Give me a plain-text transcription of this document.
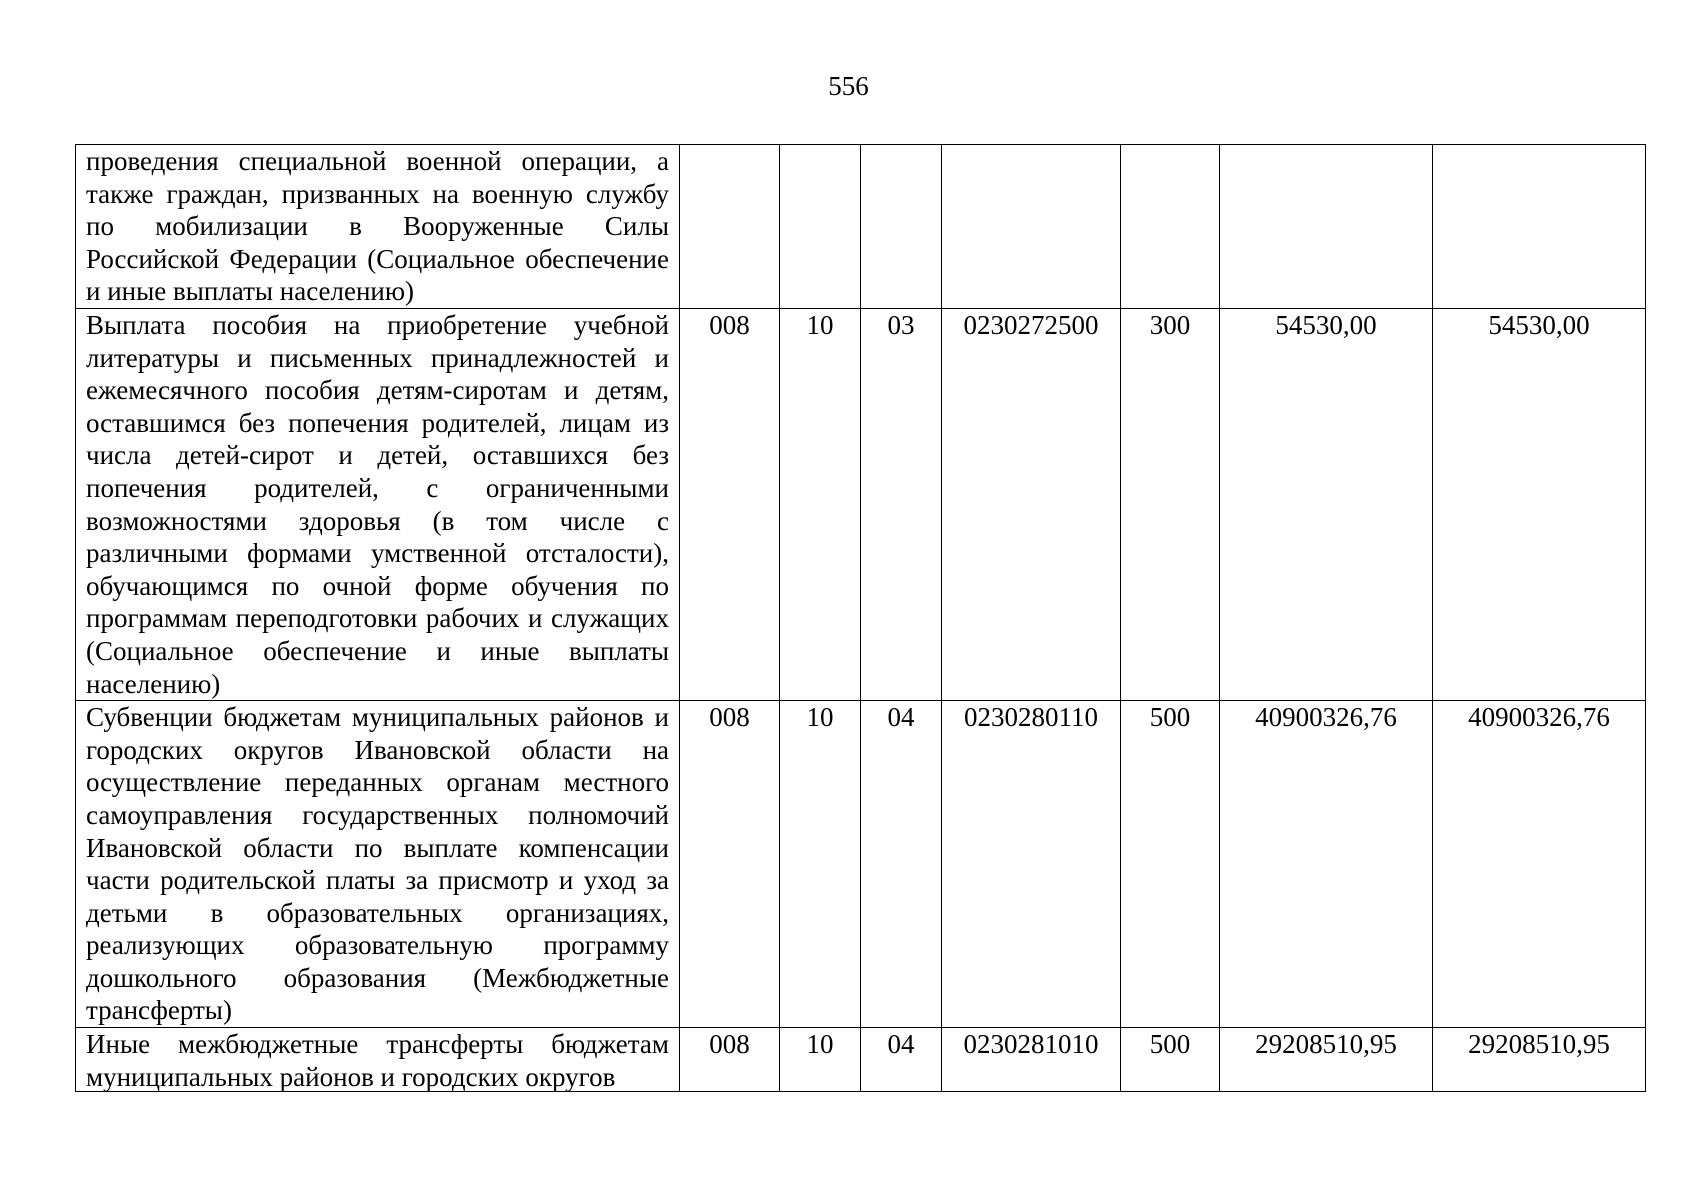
556
проведения специальной военной операции, а также граждан, призванных на военную службу по мобилизации в Вооруженные Силы Российской Федерации (Социальное обеспечение и иные выплаты населению)							
Выплата пособия на приобретение учебной литературы и письменных принадлежностей и ежемесячного пособия детям-сиротам и детям, оставшимся без попечения родителей, лицам из числа детей-сирот и детей, оставшихся без попечения родителей, с ограниченными возможностями здоровья (в том числе с различными формами умственной отсталости), обучающимся по очной форме обучения по программам переподготовки рабочих и служащих (Социальное обеспечение и иные выплаты населению)	008	10	03	0230272500	300	54530,00	54530,00
Субвенции бюджетам муниципальных районов и городских округов Ивановской области на осуществление переданных органам местного самоуправления государственных полномочий Ивановской области по выплате компенсации части родительской платы за присмотр и уход за детьми в образовательных организациях, реализующих образовательную программу дошкольного образования (Межбюджетные трансферты)	008	10	04	0230280110	500	40900326,76	40900326,76

Иные межбюджетные трансферты бюджетам муниципальных районов и городских округов	008	10	04	0230281010	500	29208510,95	29208510,95
